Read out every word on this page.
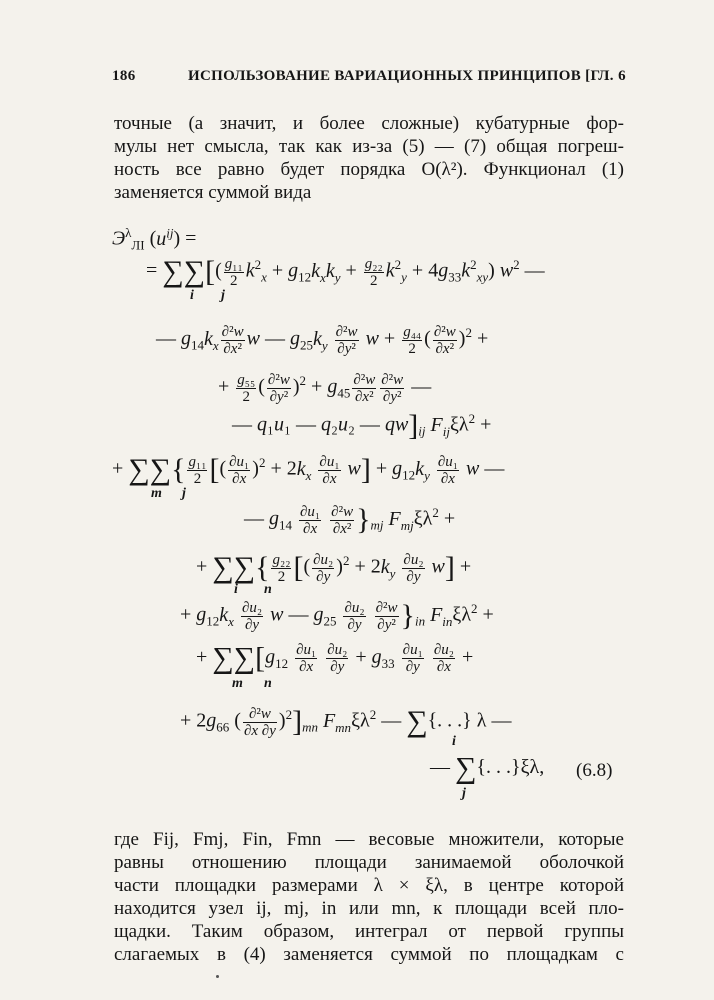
186	ИСПОЛЬЗОВАНИЕ ВАРИАЦИОННЫХ ПРИНЦИПОВ [ГЛ. 6
точные (а значит, и более сложные) кубатурные фор-
мулы нет смысла, так как из-за (5) — (7) общая погреш-
ность все равно будет порядка O(λ²). Функционал (1)
заменяется суммой вида
$Э^\lambda_{ЛI}$ $(u^{ij})$ =
= ∑∑[( $\frac{\text{g₁₁}}{2} k^2_x + g_{12}k_xk_y + \frac{\text{g₂₂}}{2} k^2_y + 4g_{33}k^2_{xy}$) $w^2$ —
i j
— $g_{14}k_x \frac{\text{∂²w}}{\text{∂x²}}$ w — $g_{25}k_y \frac{\text{∂²w}}{\text{∂y²}}$ $w + \frac{\text{g₄₄}}{2}$ ( $\frac{\text{∂²w}}{\text{∂x²}} )^2$ +
+ $\frac{\text{g₅₅}}{2}$ ( $\frac{\text{∂²w}}{\text{∂y²}} )^2 + g_{45} \frac{\text{∂²w}}{\text{∂x²}} \frac{\text{∂²w}}{\text{∂y²}}$ —
— q₁u₁ — q₂u₂ — $qw]_{ij}$ $F_{ij}\xi\lambda^2$ +
+ ∑∑{ $\frac{\text{g₁₁}}{2}$ [( $\frac{\text{∂u₁}}{\partial x} )^2 + 2k_x \frac{\text{∂u₁}}{\partial x} w] + g_{12}k_y \frac{\text{∂u₁}}{\partial x}$ w —
m j
— $g_{14} \frac{\text{∂u₁}}{\partial x}$
$\frac{\text{∂²w}}{\text{∂x²}} \}_{mj}$ $F_{mj}\xi\lambda^2$ +
+ ∑∑{ $\frac{\text{g₂₂}}{2}$ [( $\frac{\text{∂u₂}}{\partial y} )^2 + 2k_y \frac{\text{∂u₂}}{\partial y} w$] +
i n
+ $g_{12}k_x \frac{\text{∂u₂}}{\partial y}$ w — $g_{25} \frac{\text{∂u₂}}{\partial y}$
$\frac{\text{∂²w}}{\text{∂y²}} \}_{in}$ $F_{in}\xi\lambda^2$ +
+ $\sum\sum[g_{12} \frac{\text{∂u₁}}{\partial x}$
$\frac{\text{∂u₂}}{\partial y} + g_{33} \frac{\text{∂u₁}}{\partial y}$
$\frac{\text{∂u₂}}{\partial x}$ +
m n
+ $2g_{66}$ ( $\frac{\text{∂²w}}{\partial x \partial y} )^2]_{mn}$ $F_{mn}\xi\lambda^2$ — ∑{. . .} λ —
i
— ∑{. . .}ξλ,
j
(6.8)
где Fij, Fmj, Fin, Fmn — весовые множители, которые
равны отношению площади занимаемой оболочкой
части площадки размерами λ × ξλ, в центре которой
находится узел ij, mj, in или mn, к площади всей пло-
щадки. Таким образом, интеграл от первой группы
слагаемых в (4) заменяется суммой по площадкам с
